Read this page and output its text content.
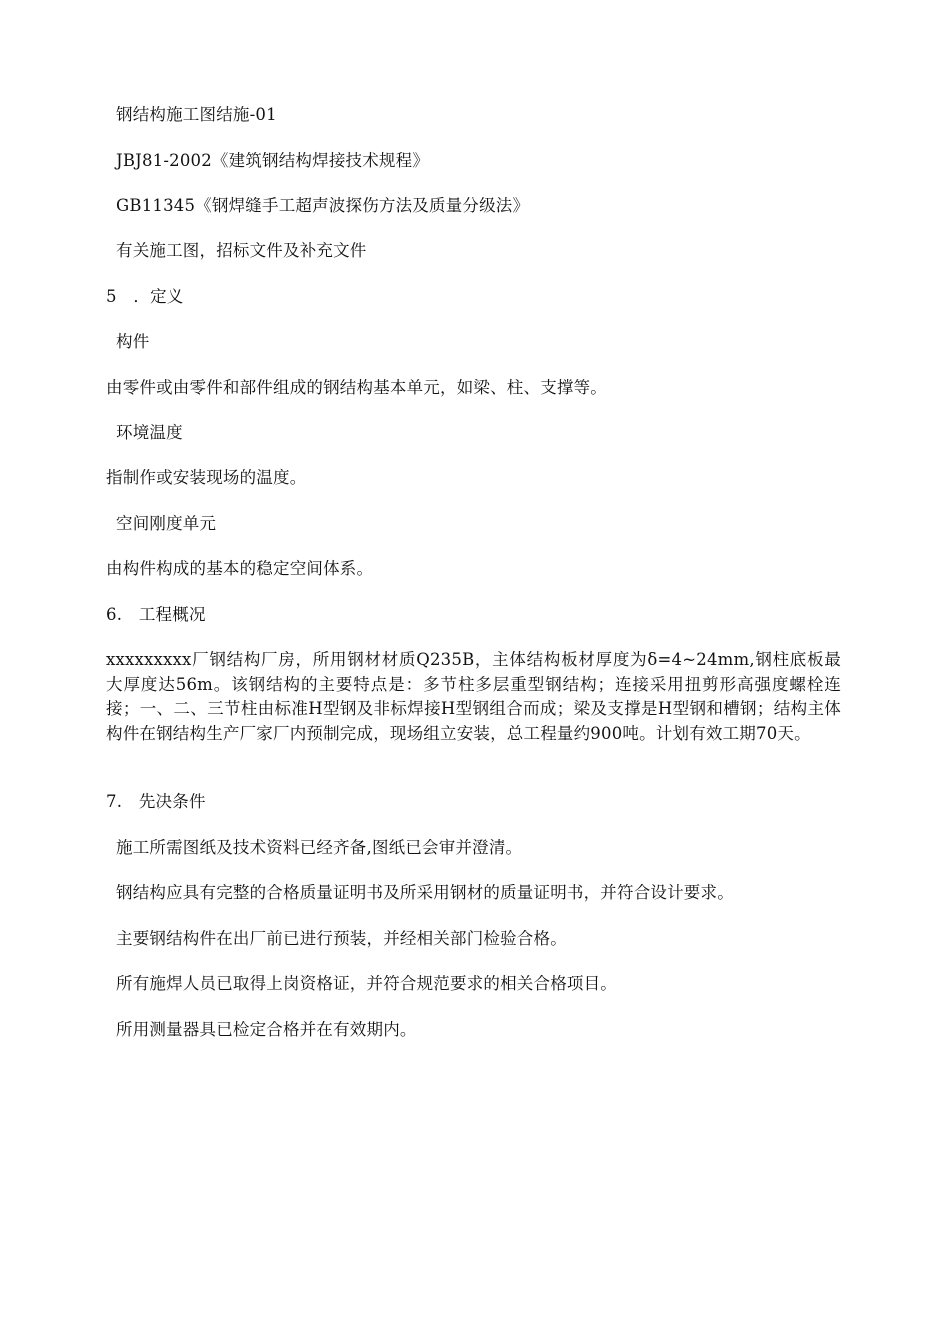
钢结构施工图结施-01
JBJ81-2002《建筑钢结构焊接技术规程》
GB11345《钢焊缝手工超声波探伤方法及质量分级法》
有关施工图，招标文件及补充文件
5　．定义
构件
由零件或由零件和部件组成的钢结构基本单元，如梁、柱、支撑等。
环境温度
指制作或安装现场的温度。
空间刚度单元
由构件构成的基本的稳定空间体系。
6.　工程概况
xxxxxxxxx厂钢结构厂房，所用钢材材质Q235B，主体结构板材厚度为δ=4~24mm,钢柱底板最大厚度达56m。该钢结构的主要特点是：多节柱多层重型钢结构；连接采用扭剪形高强度螺栓连接；一、二、三节柱由标准H型钢及非标焊接H型钢组合而成；梁及支撑是H型钢和槽钢；结构主体构件在钢结构生产厂家厂内预制完成，现场组立安装，总工程量约900吨。计划有效工期70天。
7.　先决条件
施工所需图纸及技术资料已经齐备,图纸已会审并澄清。
钢结构应具有完整的合格质量证明书及所采用钢材的质量证明书，并符合设计要求。
主要钢结构件在出厂前已进行预装，并经相关部门检验合格。
所有施焊人员已取得上岗资格证，并符合规范要求的相关合格项目。
所用测量器具已检定合格并在有效期内。
